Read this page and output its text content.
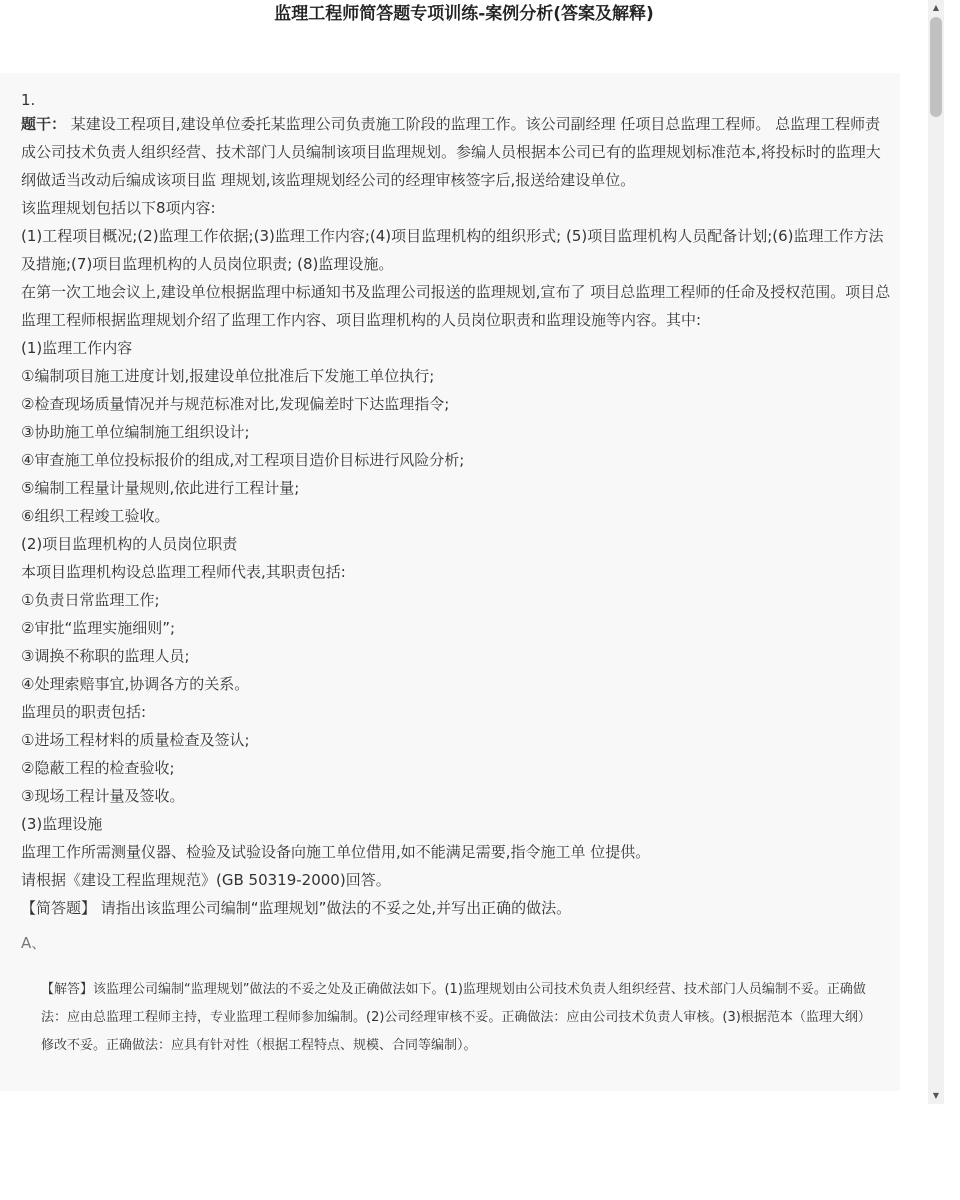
监理工程师简答题专项训练-案例分析(答案及解释)
1.

题干： 某建设工程项目,建设单位委托某监理公司负责施工阶段的监理工作。该公司副经理 任项目总监理工程师。 总监理工程师责成公司技术负责人组织经营、技术部门人员编制该项目监理规划。参编人员根据本公司已有的监理规划标准范本,将投标时的监理大纲做适当改动后编成该项目监 理规划,该监理规划经公司的经理审核签字后,报送给建设单位。

该监理规划包括以下8项内容:

(1)工程项目概况;(2)监理工作依据;(3)监理工作内容;(4)项目监理机构的组织形式; (5)项目监理机构人员配备计划;(6)监理工作方法及措施;(7)项目监理机构的人员岗位职责; (8)监理设施。

在第一次工地会议上,建设单位根据监理中标通知书及监理公司报送的监理规划,宣布了 项目总监理工程师的任命及授权范围。项目总监理工程师根据监理规划介绍了监理工作内容、项目监理机构的人员岗位职责和监理设施等内容。其中:

(1)监理工作内容

①编制项目施工进度计划,报建设单位批准后下发施工单位执行;

②检查现场质量情况并与规范标准对比,发现偏差时下达监理指令;

③协助施工单位编制施工组织设计;

④审查施工单位投标报价的组成,对工程项目造价目标进行风险分析;

⑤编制工程量计量规则,依此进行工程计量;

⑥组织工程竣工验收。

(2)项目监理机构的人员岗位职责

本项目监理机构设总监理工程师代表,其职责包括:

①负责日常监理工作;

②审批“监理实施细则”;

③调换不称职的监理人员;

④处理索赔事宜,协调各方的关系。

监理员的职责包括:

①进场工程材料的质量检查及签认;

②隐蔽工程的检查验收;

③现场工程计量及签收。

(3)监理设施

监理工作所需测量仪器、检验及试验设备向施工单位借用,如不能满足需要,指令施工单 位提供。

请根据《建设工程监理规范》(GB 50319-2000)回答。

【简答题】 请指出该监理公司编制“监理规划”做法的不妥之处,并写出正确的做法。

A、
【解答】该监理公司编制“监理规划”做法的不妥之处及正确做法如下。(1)监理规划由公司技术负责人组织经营、技术部门人员编制不妥。正确做法：应由总监理工程师主持，专业监理工程师参加编制。(2)公司经理审核不妥。正确做法：应由公司技术负责人审核。(3)根据范本（监理大纲）修改不妥。正确做法：应具有针对性（根据工程特点、规模、合同等编制）。
▲
▼
